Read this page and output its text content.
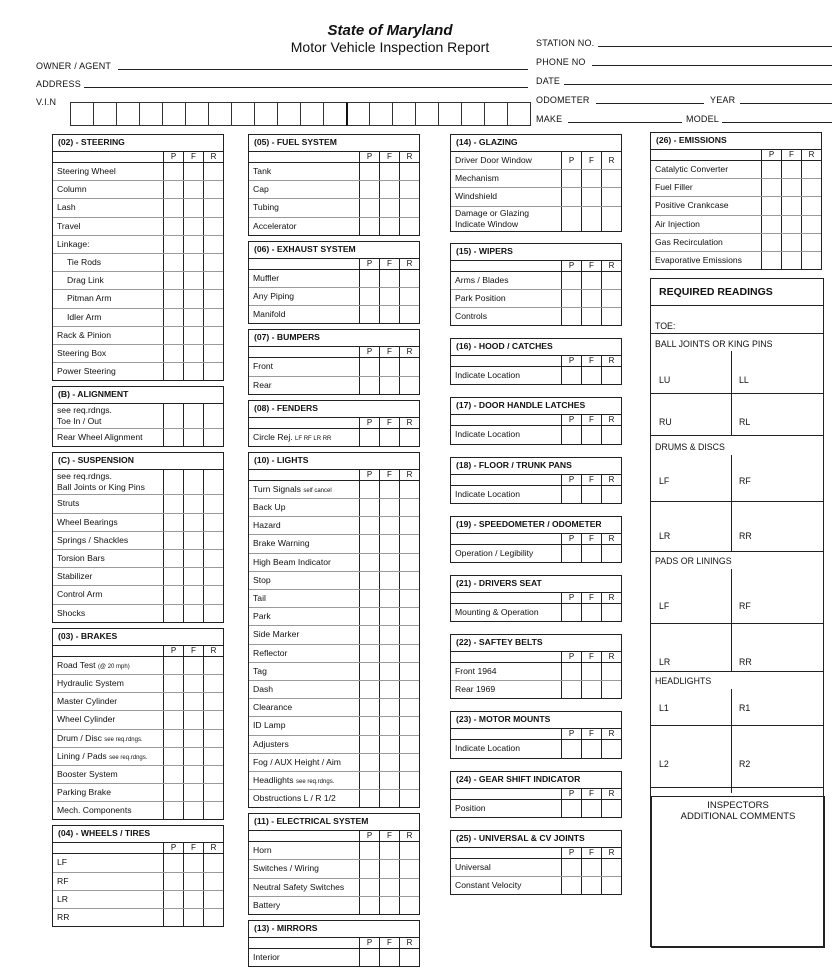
State of Maryland
Motor Vehicle Inspection Report
OWNER / AGENT
ADDRESS
V.I.N
STATION NO.
PHONE NO
DATE
ODOMETER	YEAR
MAKE	MODEL
(02) - STEERING
P	F	R
Steering Wheel
Column
Lash
Travel
Linkage:
Tie Rods
Drag Link
Pitman Arm
Idler Arm
Rack & Pinion
Steering Box
Power Steering
(B) - ALIGNMENT
see req.rdngs.
Toe In / Out
Rear Wheel Alignment
(C) - SUSPENSION
see req.rdngs.
Ball Joints or King Pins
Struts
Wheel Bearings
Springs / Shackles
Torsion Bars
Stabilizer
Control Arm
Shocks
(03) - BRAKES
P	F	R
Road Test (@ 20 mph)
Hydraulic System
Master Cylinder
Wheel Cylinder
Drum / Disc see req.rdngs.
Lining / Pads see req.rdngs.
Booster System
Parking Brake
Mech. Components
(04) - WHEELS / TIRES
P	F	R
LF
RF
LR
RR
(05) - FUEL SYSTEM
P	F	R
Tank
Cap
Tubing
Accelerator
(06) - EXHAUST SYSTEM
P	F	R
Muffler
Any Piping
Manifold
(07) - BUMPERS
P	F	R
Front
Rear
(08) - FENDERS
P	F	R
Circle Rej. LF RF LR RR
(10) - LIGHTS
P	F	R
Turn Signals self cancel
Back Up
Hazard
Brake Warning
High Beam Indicator
Stop
Tail
Park
Side Marker
Reflector
Tag
Dash
Clearance
ID Lamp
Adjusters
Fog / AUX Height / Aim
Headlights see req.rdngs.
Obstructions L / R 1/2
(11) - ELECTRICAL SYSTEM
P	F	R
Horn
Switches / Wiring
Neutral Safety Switches
Battery
(13) - MIRRORS
P	F	R
Interior
(14) - GLAZING
Driver Door Window	P	F	R
Mechanism
Windshield
Damage or Glazing
Indicate Window
(15) - WIPERS
P	F	R
Arms / Blades
Park Position
Controls
(16) - HOOD / CATCHES
P	F	R
Indicate Location
(17) - DOOR HANDLE LATCHES
P	F	R
Indicate Location
(18) - FLOOR / TRUNK PANS
P	F	R
Indicate Location
(19) - SPEEDOMETER / ODOMETER
P	F	R
Operation / Legibility
(21) - DRIVERS SEAT
P	F	R
Mounting & Operation
(22) - SAFTEY BELTS
P	F	R
Front 1964
Rear 1969
(23) - MOTOR MOUNTS
P	F	R
Indicate Location
(24) - GEAR SHIFT INDICATOR
P	F	R
Position
(25) - UNIVERSAL & CV JOINTS
P	F	R
Universal
Constant Velocity
(26) - EMISSIONS
P	F	R
Catalytic Converter
Fuel Filler
Positive Crankcase
Air Injection
Gas Recirculation
Evaporative Emissions
REQUIRED READINGS
TOE:
BALL JOINTS OR KING PINS
LU	LL
RU	RL
DRUMS & DISCS
LF	RF
LR	RR
PADS OR LININGS
LF	RF
LR	RR
HEADLIGHTS
L1	R1
L2	R2
INSPECTORS
ADDITIONAL COMMENTS
